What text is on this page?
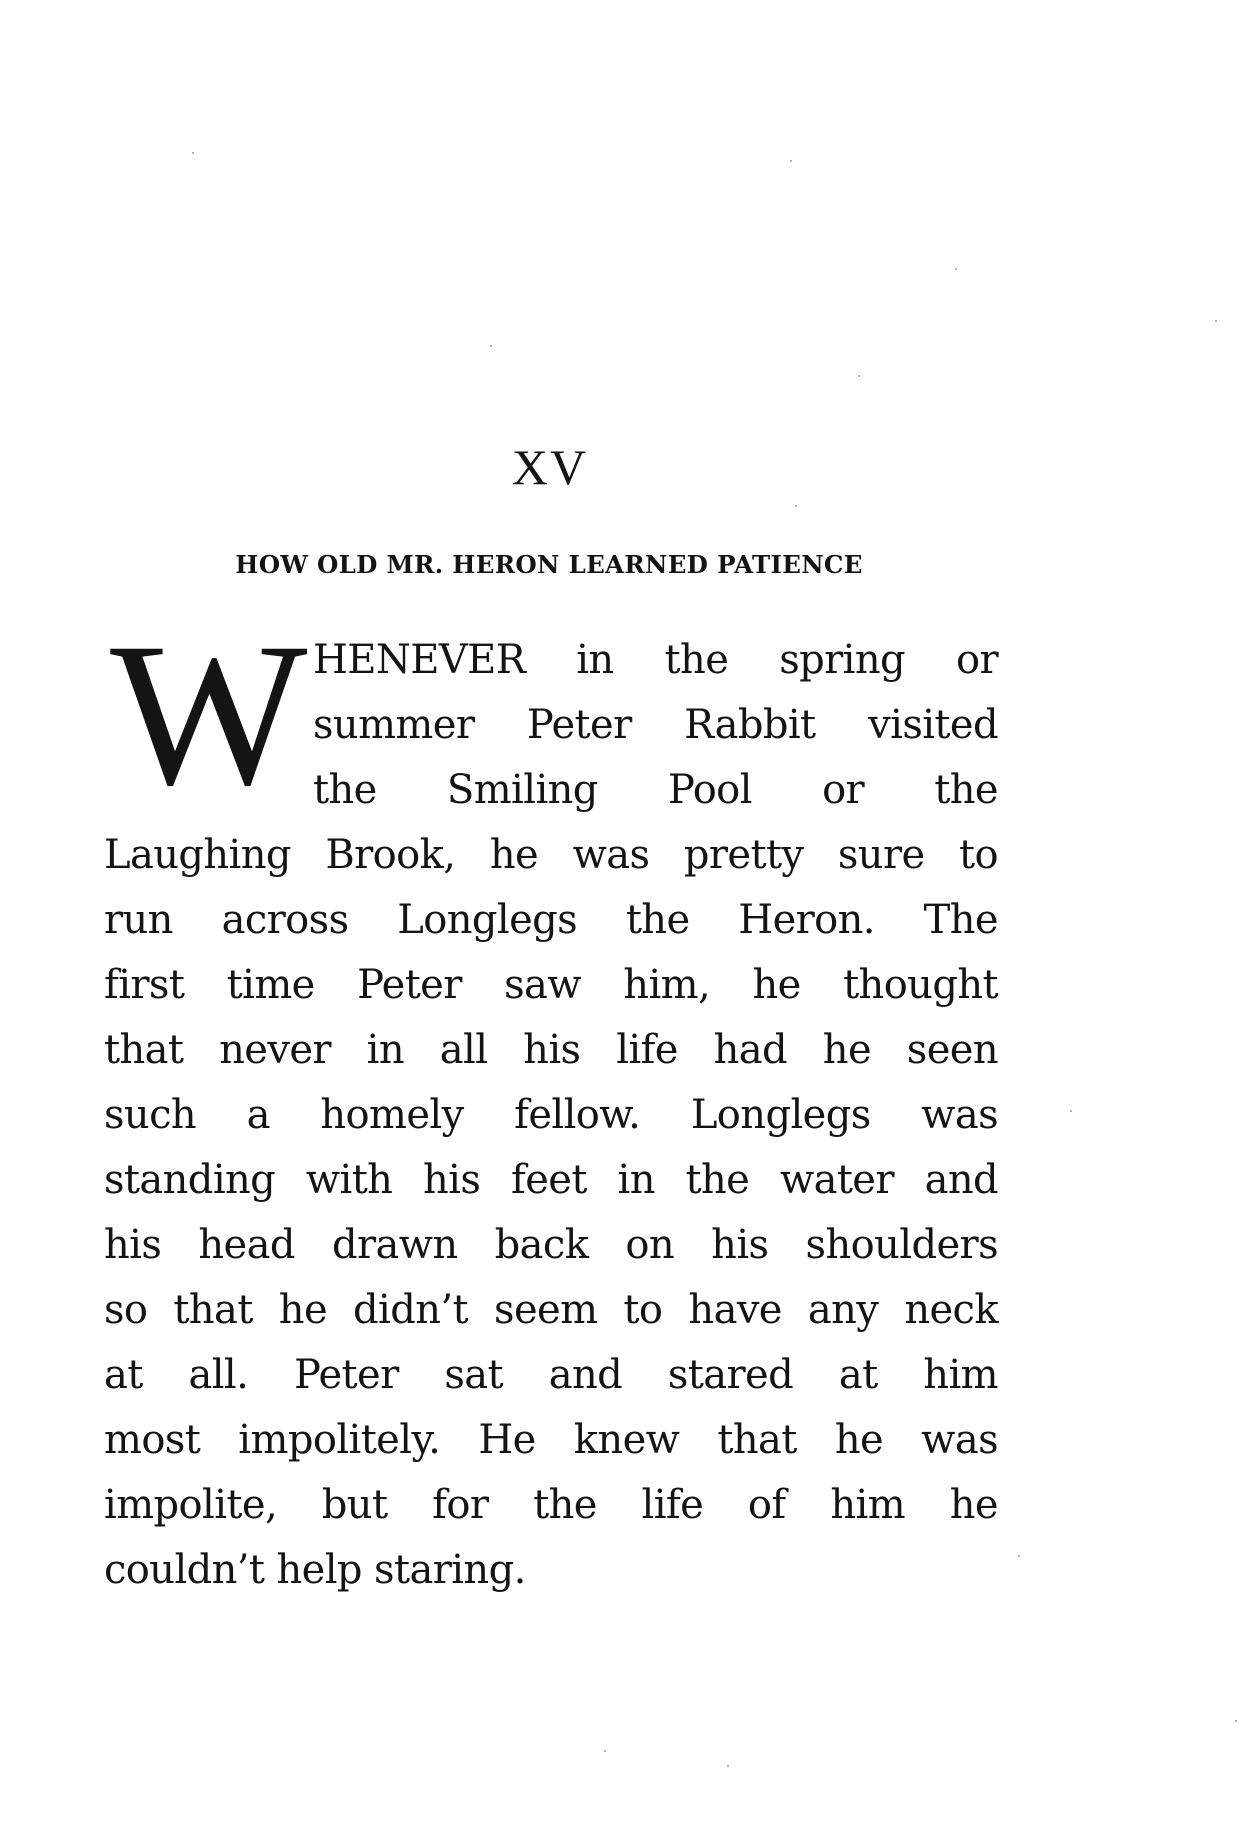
XV
HOW OLD MR. HERON LEARNED PATIENCE
W HENEVER in the spring or
summer Peter Rabbit visited
the Smiling Pool or the
Laughing Brook, he was pretty sure to
run across Longlegs the Heron. The
first time Peter saw him, he thought
that never in all his life had he seen
such a homely fellow. Longlegs was
standing with his feet in the water and
his head drawn back on his shoulders
so that he didn’t seem to have any neck
at all. Peter sat and stared at him
most impolitely. He knew that he was
impolite, but for the life of him he
couldn’t help staring.
